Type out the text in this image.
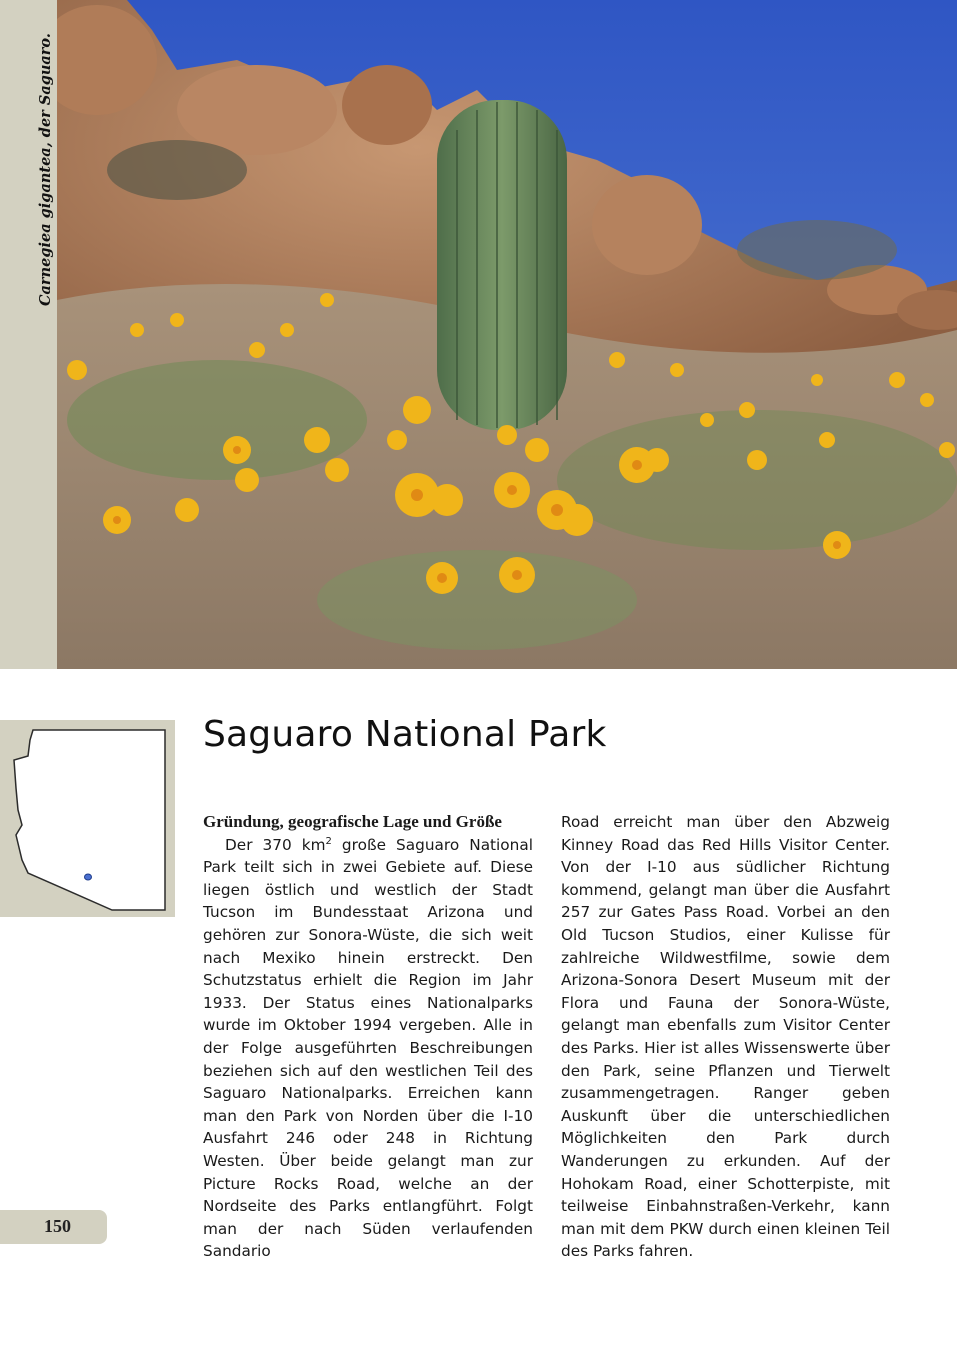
Carnegiea gigantea, der Saguaro.
Saguaro National Park
Gründung, geografische Lage und Größe

Der 370 $km^2$ große Saguaro National Park teilt sich in zwei Gebiete auf. Diese liegen östlich und westlich der Stadt Tucson im Bundesstaat Arizona und gehören zur Sonora-Wüste, die sich weit nach Mexiko hinein erstreckt. Den Schutzstatus erhielt die Region im Jahr 1933. Der Status eines Nationalparks wurde im Oktober 1994 vergeben. Alle in der Folge ausgeführten Beschreibungen beziehen sich auf den westlichen Teil des Saguaro Nationalparks. Erreichen kann man den Park von Norden über die I-10 Ausfahrt 246 oder 248 in Richtung Westen. Über beide gelangt man zur Picture Rocks Road, welche an der Nordseite des Parks entlangführt. Folgt man der nach Süden verlaufenden Sandario

Road erreicht man über den Abzweig Kinney Road das Red Hills Visitor Center. Von der I-10 aus südlicher Richtung kommend, gelangt man über die Ausfahrt 257 zur Gates Pass Road. Vorbei an den Old Tucson Studios, einer Kulisse für zahlreiche Wildwestfilme, sowie dem Arizona-Sonora Desert Museum mit der Flora und Fauna der Sonora-Wüste, gelangt man ebenfalls zum Visitor Center des Parks. Hier ist alles Wissenswerte über den Park, seine Pflanzen und Tierwelt zusammengetragen. Ranger geben Auskunft über die unterschiedlichen Möglichkeiten den Park durch Wanderungen zu erkunden. Auf der Hohokam Road, einer Schotterpiste, mit teilweise Einbahnstraßen-Verkehr, kann man mit dem PKW durch einen kleinen Teil des Parks fahren.

150
